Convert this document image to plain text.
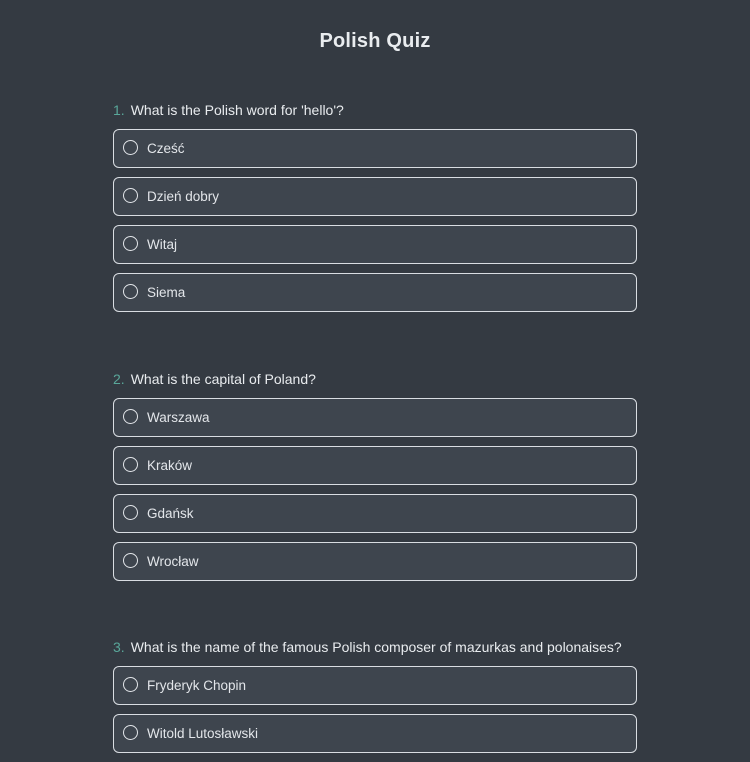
Polish Quiz
1. What is the Polish word for 'hello'?
Cześć
Dzień dobry
Witaj
Siema
2. What is the capital of Poland?
Warszawa
Kraków
Gdańsk
Wrocław
3. What is the name of the famous Polish composer of mazurkas and polonaises?
Fryderyk Chopin
Witold Lutosławski
